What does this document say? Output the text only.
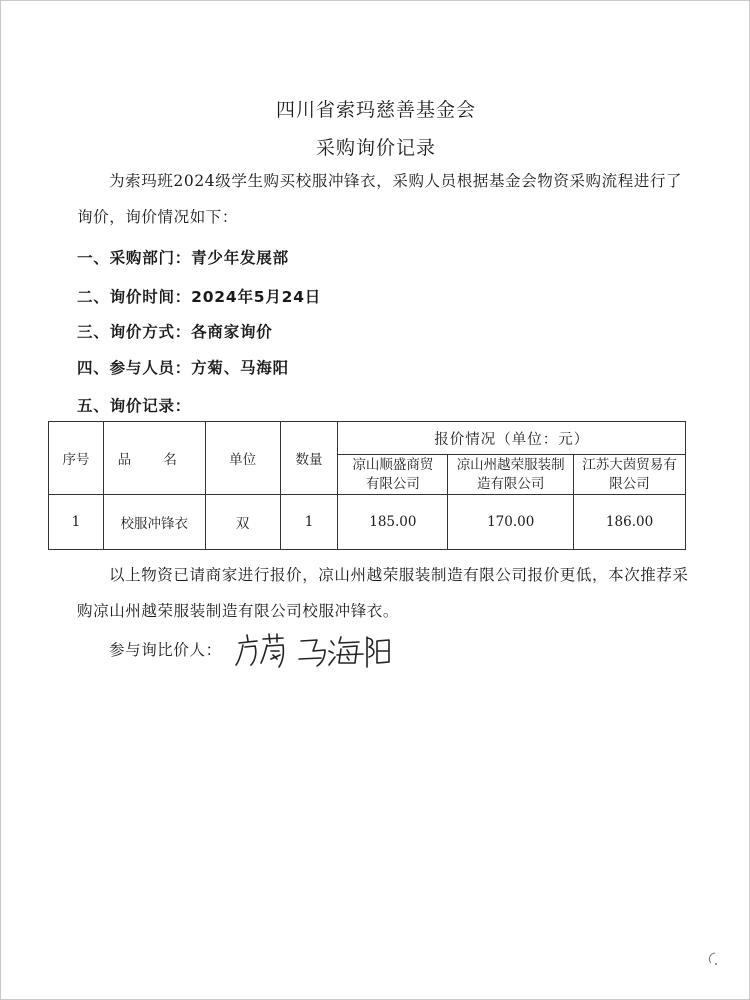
四川省索玛慈善基金会
采购询价记录
为索玛班2024级学生购买校服冲锋衣，采购人员根据基金会物资采购流程进行了询价，询价情况如下：
一、采购部门：青少年发展部
二、询价时间：2024年5月24日
三、询价方式：各商家询价
四、参与人员：方菊、马海阳
五、询价记录：
序号	品 名	单位	数量	报价情况（单位：元）		
				凉山顺盛商贸有限公司	凉山州越荣服装制造有限公司	江苏大茵贸易有限公司
1	校服冲锋衣	双	1	185.00	170.00	186.00
以上物资已请商家进行报价，凉山州越荣服装制造有限公司报价更低，本次推荐采购凉山州越荣服装制造有限公司校服冲锋衣。
参与询比价人：
